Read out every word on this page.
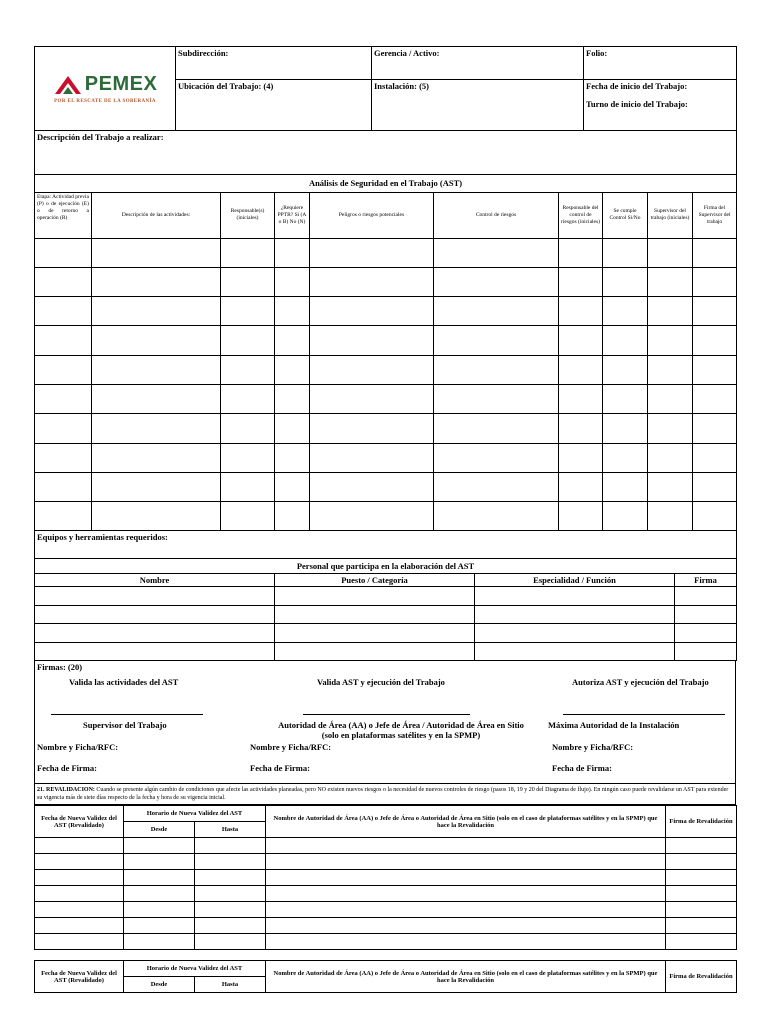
PEMEX
POR EL RESCATE DE LA SOBERANÍA	Subdirección:	Gerencia / Activo:	Folio:
	Ubicación del Trabajo: (4)	Instalación: (5)	Fecha de inicio del Trabajo:
Turno de inicio del Trabajo:

Descripción del Trabajo a realizar:			
Análisis de Seguridad en el Trabajo (AST)									
Etapa: Actividad previa (P) o de ejecución (E) o de retorno a operación (R)	Descripción de las actividades:	Responsable(s) (iniciales)	¿Requiere PPTR? Si (A o B) No (N)	Peligros o riesgos potenciales	Control de riesgos	Responsable del control de riesgos (iniciales)	Se cumple Control Si/No	Supervisor del trabajo (iniciales)	Firma del Supervisor del trabajo

Equipos y herramientas requeridos:									
Personal que participa en la elaboración del AST			
Nombre	Puesto / Categoría	Especialidad / Función	Firma

Firmas: (20)
Valida las actividades del AST	Valida AST y ejecución del Trabajo	Autoriza AST y ejecución del Trabajo
Supervisor del Trabajo	Autoridad de Área (AA) o Jefe de Área / Autoridad de Área en Sitio
(solo en plataformas satélites y en la SPMP)
Máxima Autoridad de la Instalación
Nombre y Ficha/RFC:	Nombre y Ficha/RFC:	Nombre y Ficha/RFC:
Fecha de Firma:	Fecha de Firma:	Fecha de Firma:
21. REVALIDACION: Cuando se presente algún cambio de condiciones que afecte las actividades planeadas, pero NO existen nuevos riesgos o la necesidad de nuevos controles de riesgo (pasos 18, 19 y 20 del Diagrama de flujo). En ningún caso puede revalidarse un AST para extender su vigencia más de siete días respecto de la fecha y hora de su vigencia inicial.
Fecha de Nueva Validez del AST (Revalidado)	Horario de Nueva Validez del AST		Nombre de Autoridad de Área (AA) o Jefe de Área o Autoridad de Área en Sitio (solo en el caso de plataformas satélites y en la SPMP) que hace la Revalidación	Firma de Revalidación
	Desde	Hasta		

Fecha de Nueva Validez del AST (Revalidado)	Horario de Nueva Validez del AST		Nombre de Autoridad de Área (AA) o Jefe de Área o Autoridad de Área en Sitio (solo en el caso de plataformas satélites y en la SPMP) que hace la Revalidación	Firma de Revalidación
	Desde	Hasta		
